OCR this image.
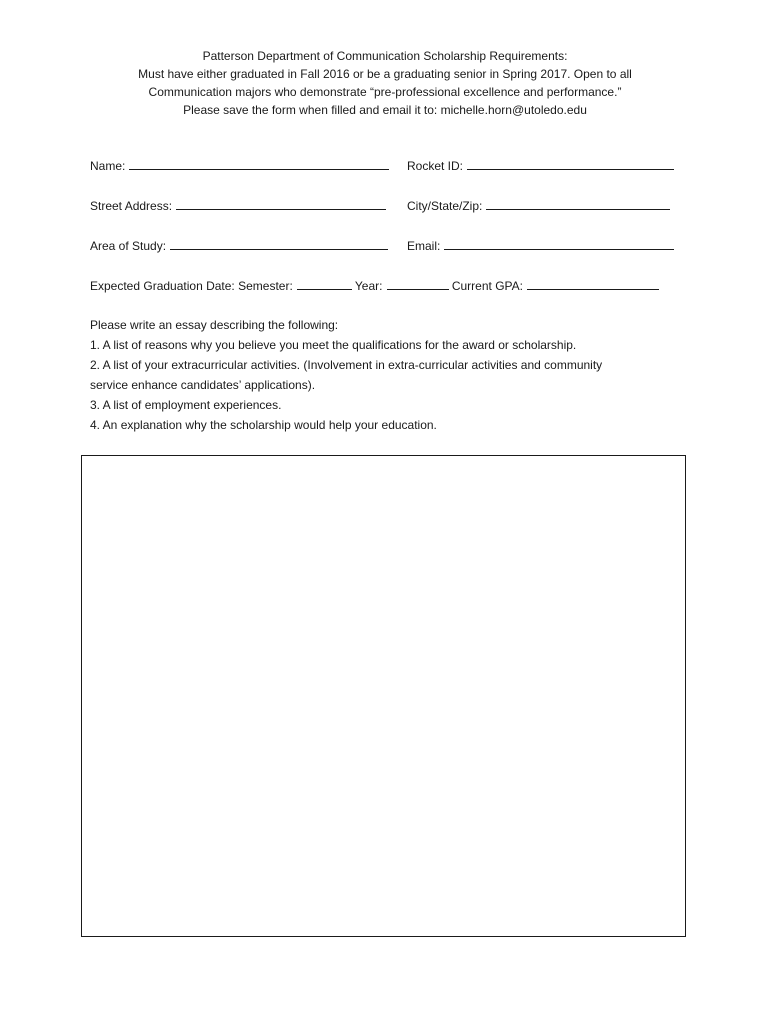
Patterson Department of Communication Scholarship Requirements:
Must have either graduated in Fall 2016 or be a graduating senior in Spring 2017. Open to all
Communication majors who demonstrate “pre-professional excellence and performance.”
Please save the form when filled and email it to: michelle.horn@utoledo.edu
Name:	Rocket ID:
Street Address:	City/State/Zip:
Area of Study:	Email:
Expected Graduation Date: Semester:	Year:	Current GPA:
Please write an essay describing the following:
1. A list of reasons why you believe you meet the qualifications for the award or scholarship.
2. A list of your extracurricular activities. (Involvement in extra-curricular activities and community
service enhance candidates’ applications).
3. A list of employment experiences.
4. An explanation why the scholarship would help your education.
